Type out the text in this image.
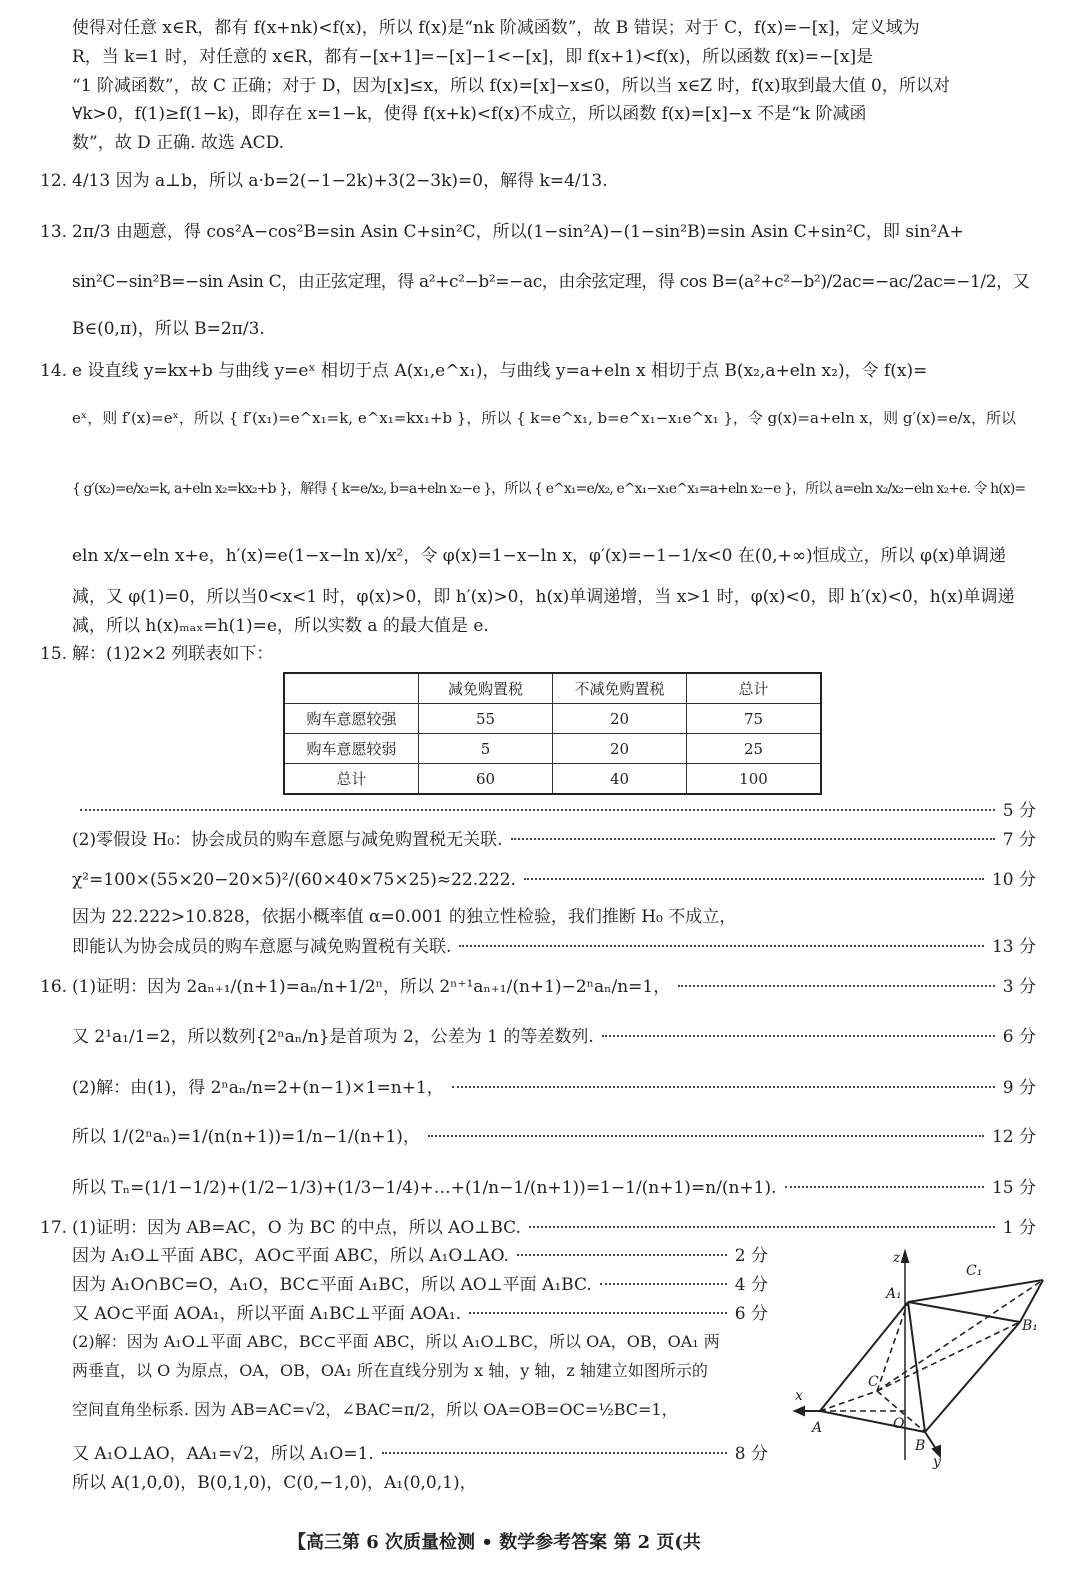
使得对任意 x∈R，都有 f(x+nk)<f(x)，所以 f(x)是“nk 阶减函数”，故 B 错误；对于 C，f(x)=−[x]，定义域为
R，当 k=1 时，对任意的 x∈R，都有−[x+1]=−[x]−1<−[x]，即 f(x+1)<f(x)，所以函数 f(x)=−[x]是
“1 阶减函数”，故 C 正确；对于 D，因为[x]≤x，所以 f(x)=[x]−x≤0，所以当 x∈Z 时，f(x)取到最大值 0，所以对
∀k>0，f(1)≥f(1−k)，即存在 x=1−k，使得 f(x+k)<f(x)不成立，所以函数 f(x)=[x]−x 不是“k 阶减函
数”，故 D 正确. 故选 ACD.
12. 4/13 因为 a⊥b，所以 a·b=2(−1−2k)+3(2−3k)=0，解得 k=4/13.
13. 2π/3 由题意，得 cos²A−cos²B=sin Asin C+sin²C，所以(1−sin²A)−(1−sin²B)=sin Asin C+sin²C，即 sin²A+
sin²C−sin²B=−sin Asin C，由正弦定理，得 a²+c²−b²=−ac，由余弦定理，得 cos B=(a²+c²−b²)/2ac=−ac/2ac=−1/2，又
B∈(0,π)，所以 B=2π/3.
14. e 设直线 y=kx+b 与曲线 y=eˣ 相切于点 A(x₁,e^x₁)，与曲线 y=a+eln x 相切于点 B(x₂,a+eln x₂)，令 f(x)=
eˣ，则 f′(x)=eˣ，所以 { f′(x₁)=e^x₁=k, e^x₁=kx₁+b }，所以 { k=e^x₁, b=e^x₁−x₁e^x₁ }，令 g(x)=a+eln x，则 g′(x)=e/x，所以
{ g′(x₂)=e/x₂=k, a+eln x₂=kx₂+b }，解得 { k=e/x₂, b=a+eln x₂−e }，所以 { e^x₁=e/x₂, e^x₁−x₁e^x₁=a+eln x₂−e }，所以 a=eln x₂/x₂−eln x₂+e. 令 h(x)=
eln x/x−eln x+e，h′(x)=e(1−x−ln x)/x²，令 φ(x)=1−x−ln x，φ′(x)=−1−1/x<0 在(0,+∞)恒成立，所以 φ(x)单调递
减，又 φ(1)=0，所以当0<x<1 时，φ(x)>0，即 h′(x)>0，h(x)单调递增，当 x>1 时，φ(x)<0，即 h′(x)<0，h(x)单调递
减，所以 h(x)ₘₐₓ=h(1)=e，所以实数 a 的最大值是 e.
15. 解：(1)2×2 列联表如下：
	减免购置税	不减免购置税	总计
购车意愿较强	55	20	75
购车意愿较弱	5	20	25
总计	60	40	100
5 分
(2)零假设 H₀：协会成员的购车意愿与减免购置税无关联.	7 分
χ²=100×(55×20−20×5)²/(60×40×75×25)≈22.222.	10 分
因为 22.222>10.828，依据小概率值 α=0.001 的独立性检验，我们推断 H₀ 不成立，
即能认为协会成员的购车意愿与减免购置税有关联.	13 分
16. (1)证明：因为 2aₙ₊₁/(n+1)=aₙ/n+1/2ⁿ，所以 2ⁿ⁺¹aₙ₊₁/(n+1)−2ⁿaₙ/n=1，	3 分
又 2¹a₁/1=2，所以数列{2ⁿaₙ/n}是首项为 2，公差为 1 的等差数列.	6 分
(2)解：由(1)，得 2ⁿaₙ/n=2+(n−1)×1=n+1，	9 分
所以 1/(2ⁿaₙ)=1/(n(n+1))=1/n−1/(n+1)，	12 分
所以 Tₙ=(1/1−1/2)+(1/2−1/3)+(1/3−1/4)+…+(1/n−1/(n+1))=1−1/(n+1)=n/(n+1).	15 分
17. (1)证明：因为 AB=AC，O 为 BC 的中点，所以 AO⊥BC.	1 分
因为 A₁O⊥平面 ABC，AO⊂平面 ABC，所以 A₁O⊥AO.	2 分
因为 A₁O∩BC=O，A₁O，BC⊂平面 A₁BC，所以 AO⊥平面 A₁BC.	4 分
又 AO⊂平面 AOA₁，所以平面 A₁BC⊥平面 AOA₁.	6 分
(2)解：因为 A₁O⊥平面 ABC，BC⊂平面 ABC，所以 A₁O⊥BC，所以 OA，OB，OA₁ 两
两垂直，以 O 为原点，OA，OB，OA₁ 所在直线分别为 x 轴，y 轴，z 轴建立如图所示的
空间直角坐标系. 因为 AB=AC=√2，∠BAC=π/2，所以 OA=OB=OC=½BC=1，
又 A₁O⊥AO，AA₁=√2，所以 A₁O=1.	8 分
所以 A(1,0,0)，B(0,1,0)，C(0,−1,0)，A₁(0,0,1)，
z
x
y
A
B
C
O
A₁
B₁
C₁
【高三第 6 次质量检测 • 数学参考答案 第 2 页(共
